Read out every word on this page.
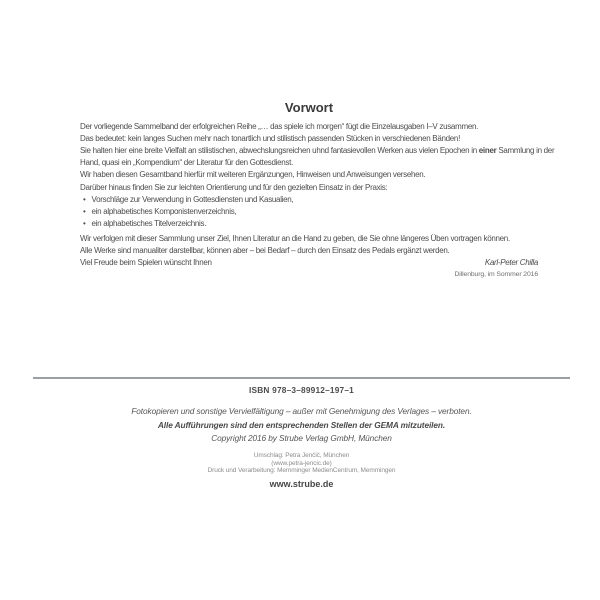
Vorwort
Der vorliegende Sammelband der erfolgreichen Reihe „… das spiele ich morgen“ fügt die Einzelausgaben I–V zusammen.
Das bedeutet: kein langes Suchen mehr nach tonartlich und stilistisch passenden Stücken in verschiedenen Bänden!
Sie halten hier eine breite Vielfalt an stilistischen, abwechslungsreichen uhnd fantasievollen Werken aus vielen Epochen in einer Sammlung in der
Hand, quasi ein „Kompendium“ der Literatur für den Gottesdienst.
Wir haben diesen Gesamtband hierfür mit weiteren Ergänzungen, Hinweisen und Anweisungen versehen.
Darüber hinaus finden Sie zur leichten Orientierung und für den gezielten Einsatz in der Praxis:
• Vorschläge zur Verwendung in Gottesdiensten und Kasualien,
• ein alphabetisches Komponistenverzeichnis,
• ein alphabetisches Titelverzeichnis.
Wir verfolgen mit dieser Sammlung unser Ziel, Ihnen Literatur an die Hand zu geben, die Sie ohne längeres Üben vortragen können.
Alle Werke sind manualiter darstellbar, können aber – bei Bedarf – durch den Einsatz des Pedals ergänzt werden.
Viel Freude beim Spielen wünscht Ihnen	Karl-Peter Chilla
Dillenburg, im Sommer 2016
ISBN 978–3–89912–197–1
Fotokopieren und sonstige Vervielfältigung – außer mit Genehmigung des Verlages – verboten.
Alle Aufführungen sind den entsprechenden Stellen der GEMA mitzuteilen.
Copyright 2016 by Strube Verlag GmbH, München
Umschlag: Petra Jenčič, München
(www.petra-jencic.de)
Druck und Verarbeitung: Memminger MedienCentrum, Memmingen
www.strube.de
